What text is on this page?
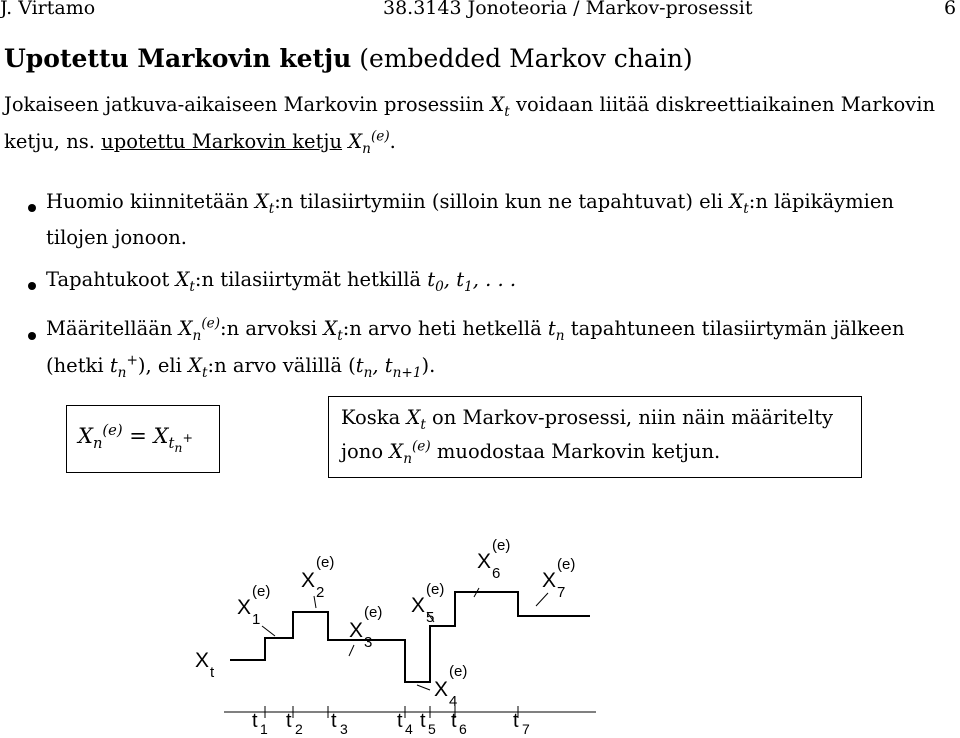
J. Virtamo	38.3143 Jonoteoria / Markov-prosessit	6
Upotettu Markovin ketju (embedded Markov chain)
Jokaiseen jatkuva-aikaiseen Markovin prosessiin $X_t$ voidaan liitää diskreettiaikainen Markovin
ketju, ns. upotettu Markovin ketju $X_n^{(e)}$.
Huomio kiinnitetään $X_t:n$ tilasiirtymiin (silloin kun ne tapahtuvat) eli $X_t:n$ läpikäymien
tilojen jonoon.
Tapahtukoot $X_t:n$ tilasiirtymät hetkillä $t_0$, $t_1$, . . .
Määritellään $X_n^{(e)}:n$ arvoksi $X_t:n$ arvo heti hetkellä $t_n$ tapahtuneen tilasiirtymän jälkeen
(hetki $t_n^+$), eli $X_t:n$ arvo välillä ($t_n$, $t_{n+1}$).
$X_n^{(e)} = X_{t_n^+}$
Koska $X_t$ on Markov-prosessi, niin näin määritelty
jono $X_n^{(e)}$ muodostaa Markovin ketjun.
X
t
X
1
(e) X
2
(e)
X
3
(e)
X
4
(e)
X
5
(e)
X
6
(e)
X
7
(e)
t 1 t 2 t 3 t 4 t 5 t 6 t 7
